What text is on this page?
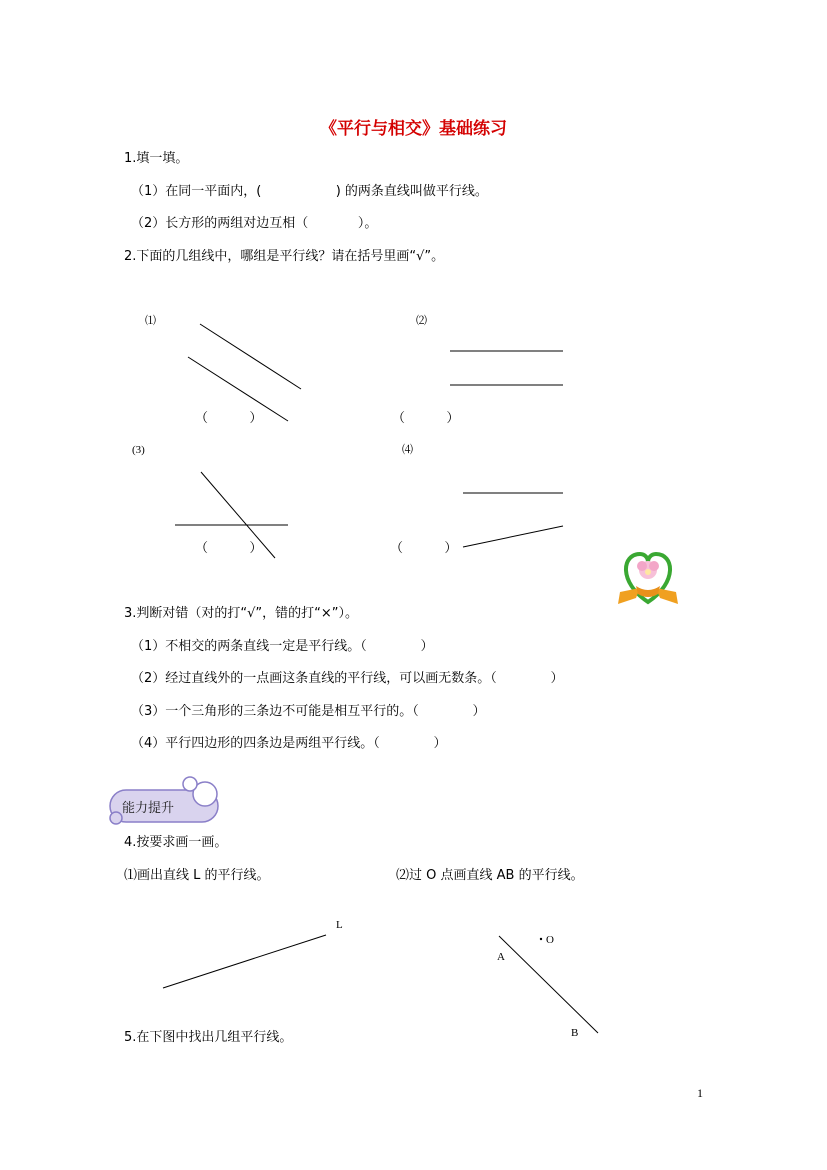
《平行与相交》基础练习
1.填一填。
（1）在同一平面内，(                  ) 的两条直线叫做平行线。
（2）长方形的两组对边互相（            ）。
2.下面的几组线中，哪组是平行线？请在括号里画“√”。
⑴	⑵
(3)	⑷
（          ）	（          ）
（          ）	（          ）
3.判断对错（对的打“√”，错的打“×”）。
（1）不相交的两条直线一定是平行线。（             ）
（2）经过直线外的一点画这条直线的平行线，可以画无数条。（             ）
（3）一个三角形的三条边不可能是相互平行的。（             ）
（4）平行四边形的四条边是两组平行线。（             ）
能力提升
4.按要求画一画。
⑴画出直线 L 的平行线。	⑵过 O 点画直线 AB 的平行线。
L
O
A
B
5.在下图中找出几组平行线。
1
